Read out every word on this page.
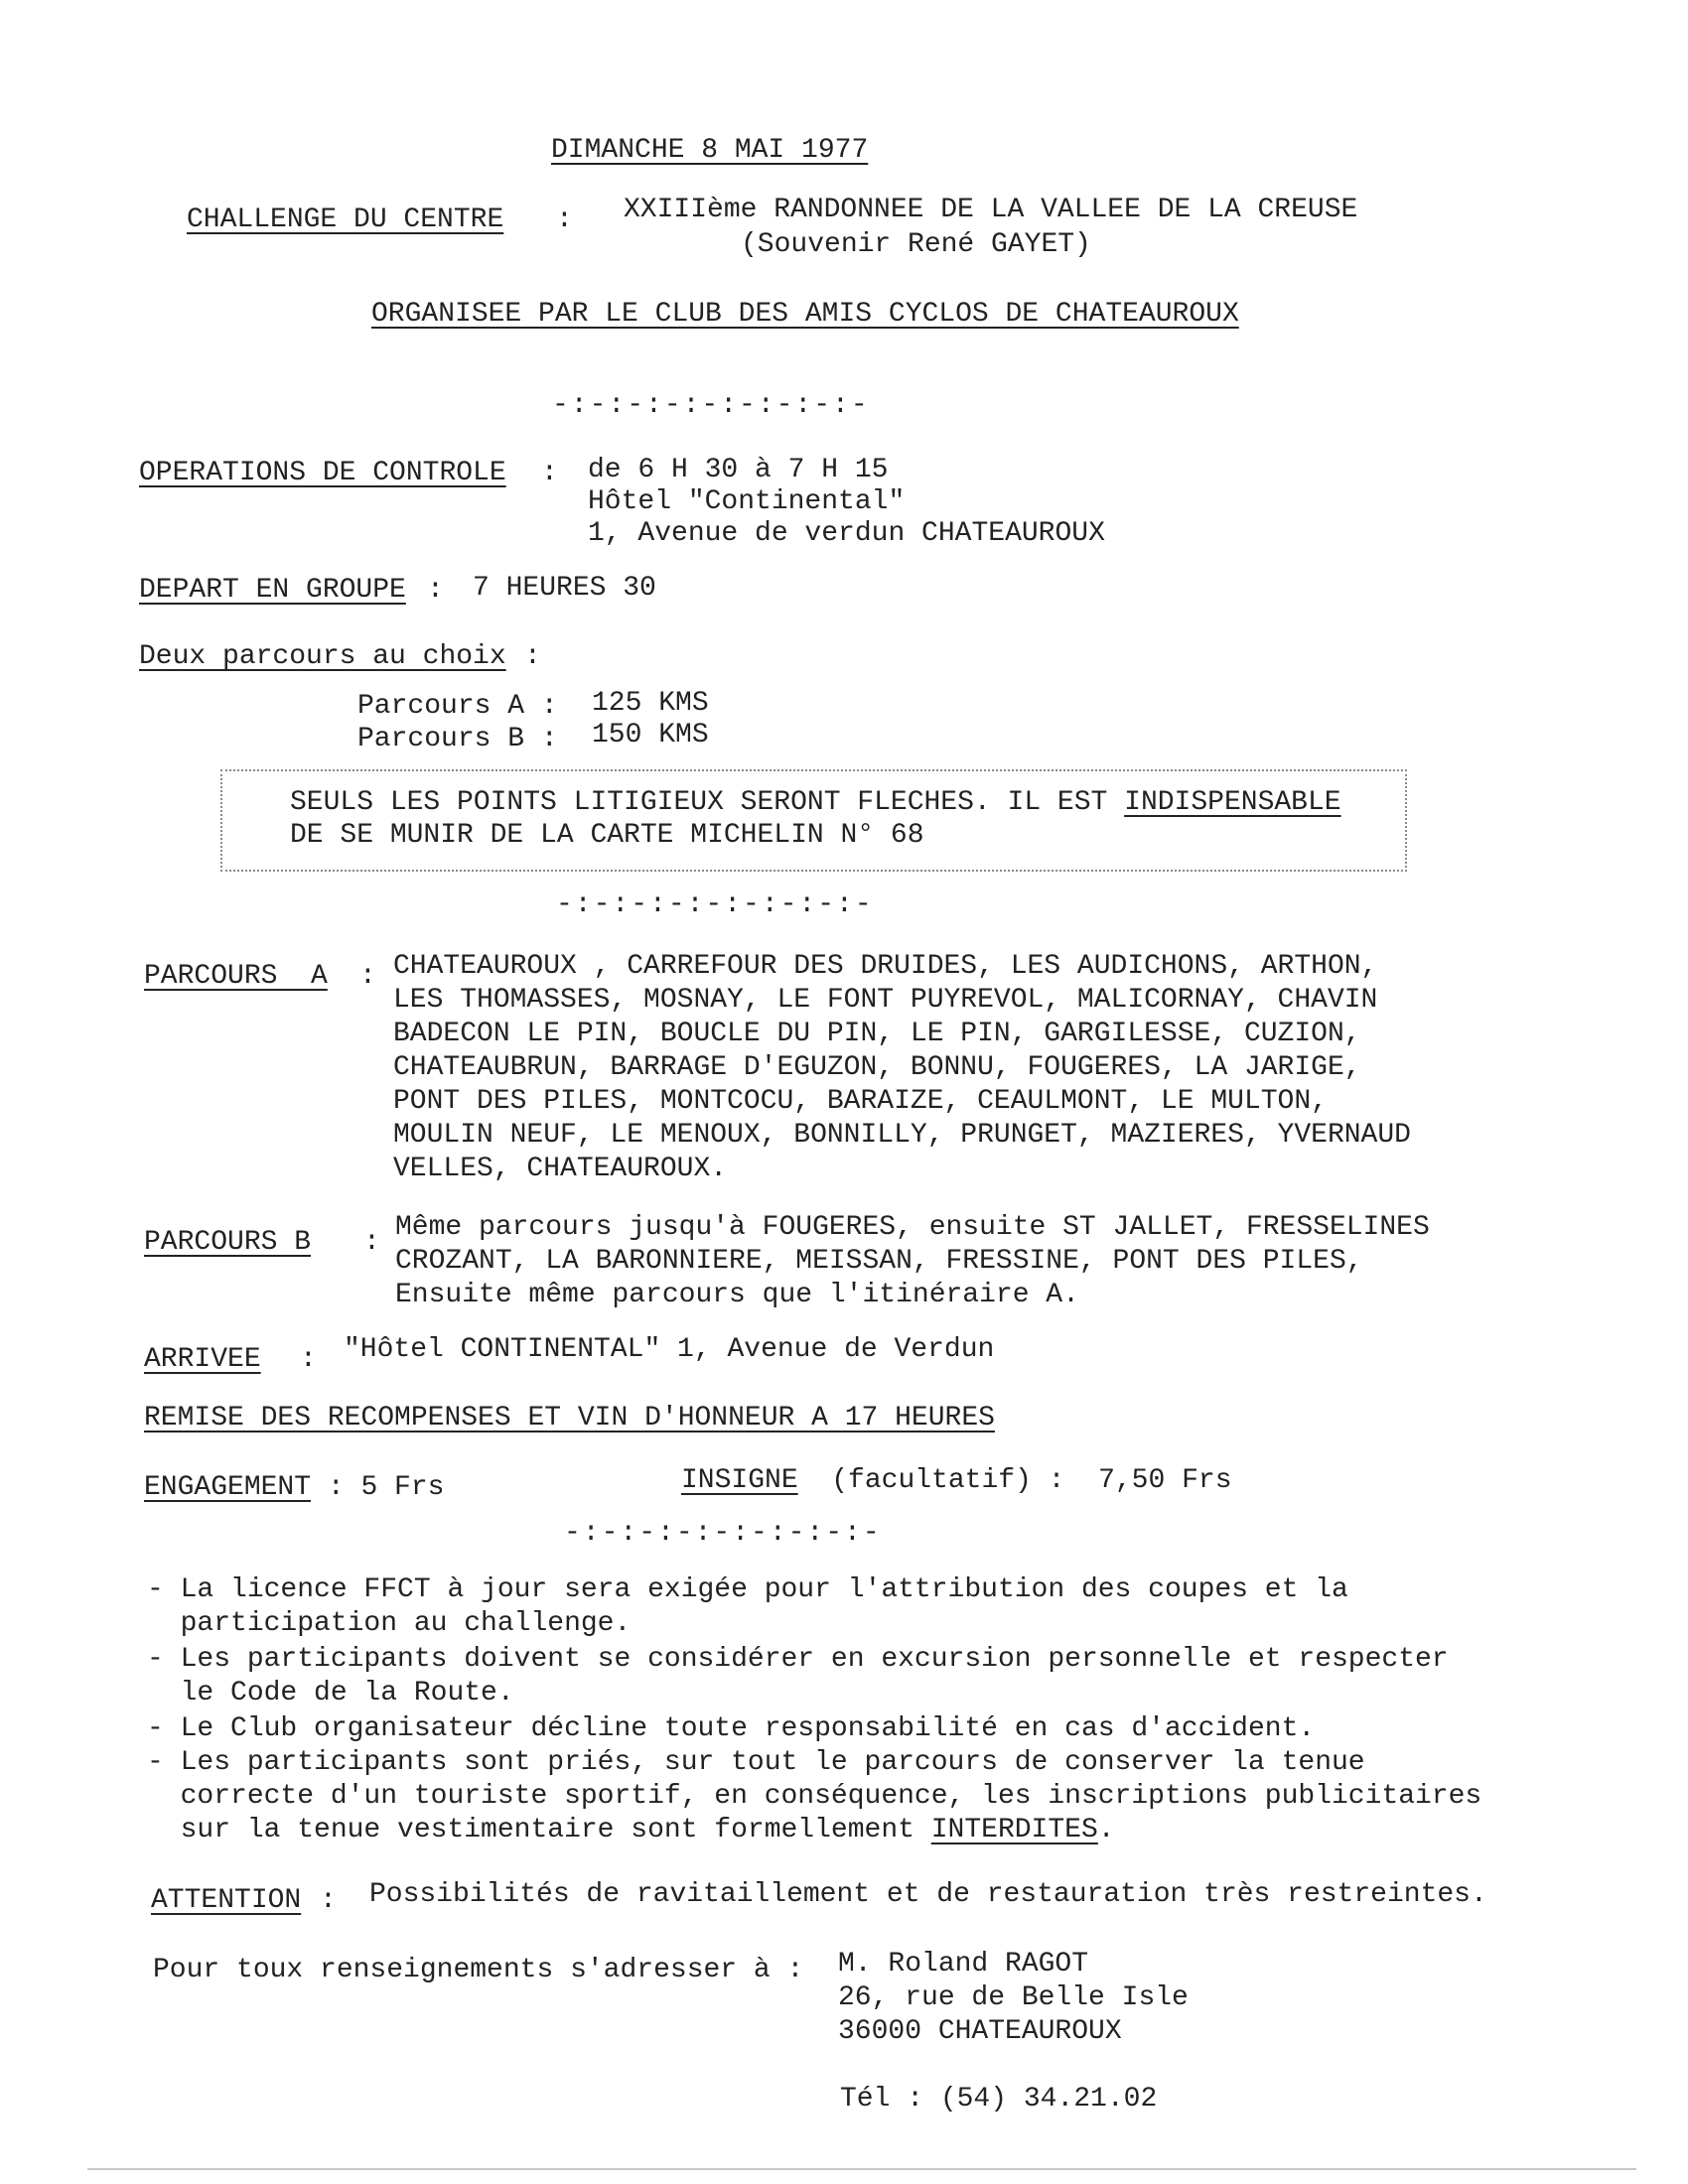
DIMANCHE 8 MAI 1977
CHALLENGE DU CENTRE : XXIIIème RANDONNEE DE LA VALLEE DE LA CREUSE
(Souvenir René GAYET)
ORGANISEE PAR LE CLUB DES AMIS CYCLOS DE CHATEAUROUX
-:-:-:-:-:-:-:-:-
OPERATIONS DE CONTROLE : de 6 H 30 à 7 H 15
Hôtel "Continental"
1, Avenue de verdun CHATEAUROUX
DEPART EN GROUPE : 7 HEURES 30
Deux parcours au choix :
Parcours A : 125 KMS
Parcours B : 150 KMS
SEULS LES POINTS LITIGIEUX SERONT FLECHES. IL EST INDISPENSABLE
DE SE MUNIR DE LA CARTE MICHELIN N° 68
-:-:-:-:-:-:-:-:-
PARCOURS  A : CHATEAUROUX , CARREFOUR DES DRUIDES, LES AUDICHONS, ARTHON,
LES THOMASSES, MOSNAY, LE FONT PUYREVOL, MALICORNAY, CHAVIN
BADECON LE PIN, BOUCLE DU PIN, LE PIN, GARGILESSE, CUZION,
CHATEAUBRUN, BARRAGE D'EGUZON, BONNU, FOUGERES, LA JARIGE,
PONT DES PILES, MONTCOCU, BARAIZE, CEAULMONT, LE MULTON,
MOULIN NEUF, LE MENOUX, BONNILLY, PRUNGET, MAZIERES, YVERNAUD
VELLES, CHATEAUROUX.
PARCOURS B : Même parcours jusqu'à FOUGERES, ensuite ST JALLET, FRESSELINES
CROZANT, LA BARONNIERE, MEISSAN, FRESSINE, PONT DES PILES,
Ensuite même parcours que l'itinéraire A.
ARRIVEE : "Hôtel CONTINENTAL" 1, Avenue de Verdun
REMISE DES RECOMPENSES ET VIN D'HONNEUR A 17 HEURES
ENGAGEMENT : 5 Frs	INSIGNE (facultatif) :  7,50 Frs
-:-:-:-:-:-:-:-:-
- La licence FFCT à jour sera exigée pour l'attribution des coupes et la
participation au challenge.
- Les participants doivent se considérer en excursion personnelle et respecter
le Code de la Route.
- Le Club organisateur décline toute responsabilité en cas d'accident.
- Les participants sont priés, sur tout le parcours de conserver la tenue
correcte d'un touriste sportif, en conséquence, les inscriptions publicitaires
sur la tenue vestimentaire sont formellement INTERDITES.
ATTENTION : Possibilités de ravitaillement et de restauration très restreintes.
Pour toux renseignements s'adresser à : M. Roland RAGOT
26, rue de Belle Isle
36000 CHATEAUROUX
Tél : (54) 34.21.02
